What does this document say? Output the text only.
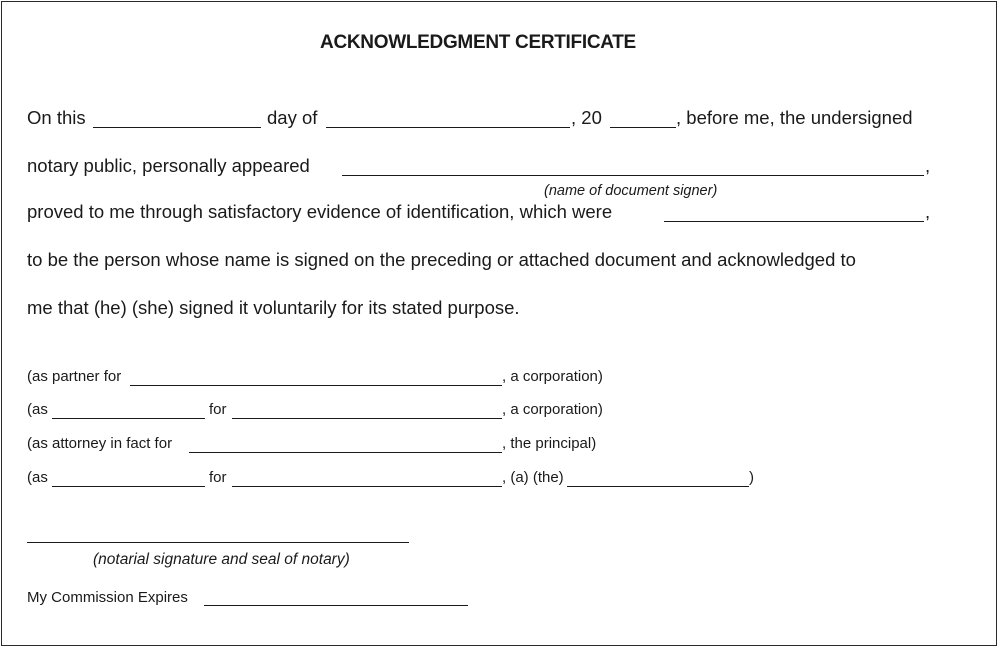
ACKNOWLEDGMENT CERTIFICATE
On this	day of	, 20	, before me, the undersigned
notary public, personally appeared	,
(name of document signer)
proved to me through satisfactory evidence of identification, which were	,
to be the person whose name is signed on the preceding or attached document and acknowledged to
me that (he) (she) signed it voluntarily for its stated purpose.
(as partner for	, a corporation)
(as	for	, a corporation)
(as attorney in fact for	, the principal)
(as	for	, (a) (the)	)
(notarial signature and seal of notary)
My Commission Expires
